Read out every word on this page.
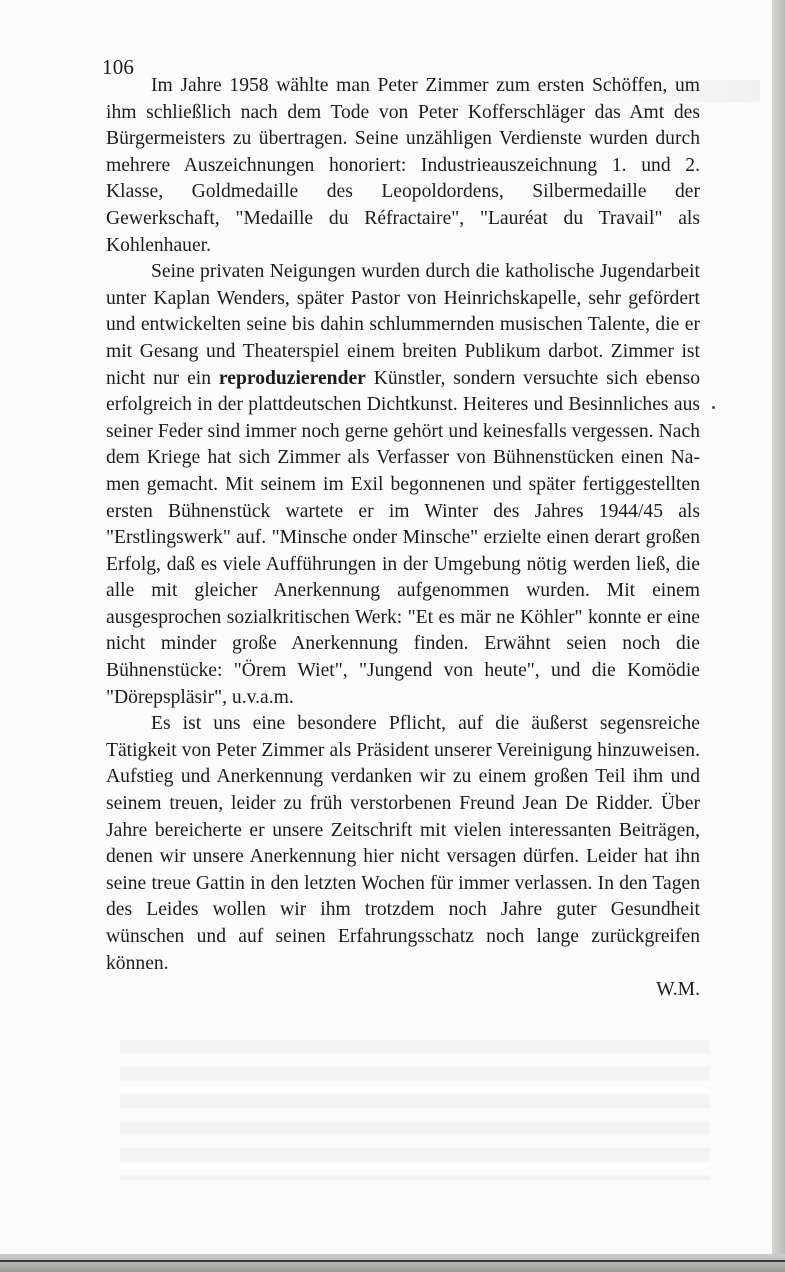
106

Im Jahre 1958 wählte man Peter Zimmer zum ersten Schöffen, um ihm schließlich nach dem Tode von Peter Kofferschläger das Amt des Bürgermeisters zu übertragen. Seine unzähligen Verdienste wurden durch mehrere Auszeichnungen honoriert: Industrieauszeichnung 1. und 2. Klasse, Goldmedaille des Leopoldordens, Silbermedaille der Gewerkschaft, "Medaille du Réfractaire", "Lauréat du Travail" als Kohlenhauer.

Seine privaten Neigungen wurden durch die katholische Jugendarbeit unter Kaplan Wenders, später Pastor von Heinrichskapelle, sehr gefördert und entwickelten seine bis dahin schlummernden musischen Talente, die er mit Gesang und Theaterspiel einem breiten Publikum darbot. Zimmer ist nicht nur ein reproduzierender Künstler, sondern versuchte sich ebenso erfolgreich in der plattdeutschen Dichtkunst. Heiteres und Besinnliches aus seiner Feder sind immer noch gerne gehört und keinesfalls vergessen. Nach dem Kriege hat sich Zimmer als Verfasser von Bühnenstücken einen Namen gemacht. Mit seinem im Exil begonnenen und später fertiggestellten ersten Bühnenstück wartete er im Winter des Jahres 1944/45 als "Erstlingswerk" auf. "Minsche onder Minsche" erzielte einen derart großen Erfolg, daß es viele Aufführungen in der Umgebung nötig werden ließ, die alle mit gleicher Anerkennung aufgenommen wurden. Mit einem ausgesprochen sozialkritischen Werk: "Et es mär ne Köhler" konnte er eine nicht minder große Anerkennung finden. Erwähnt seien noch die Bühnenstücke: "Örem Wiet", "Jungend von heute", und die Komödie "Dörepspläsir", u.v.a.m.

Es ist uns eine besondere Pflicht, auf die äußerst segensreiche Tätigkeit von Peter Zimmer als Präsident unserer Vereinigung hinzuweisen. Aufstieg und Anerkennung verdanken wir zu einem großen Teil ihm und seinem treuen, leider zu früh verstorbenen Freund Jean De Ridder. Über Jahre bereicherte er unsere Zeitschrift mit vielen interessanten Beiträgen, denen wir unsere Anerkennung hier nicht versagen dürfen. Leider hat ihn seine treue Gattin in den letzten Wochen für immer verlassen. In den Tagen des Leides wollen wir ihm trotzdem noch Jahre guter Gesundheit wünschen und auf seinen Erfahrungsschatz noch lange zurückgreifen können.

W.M.
